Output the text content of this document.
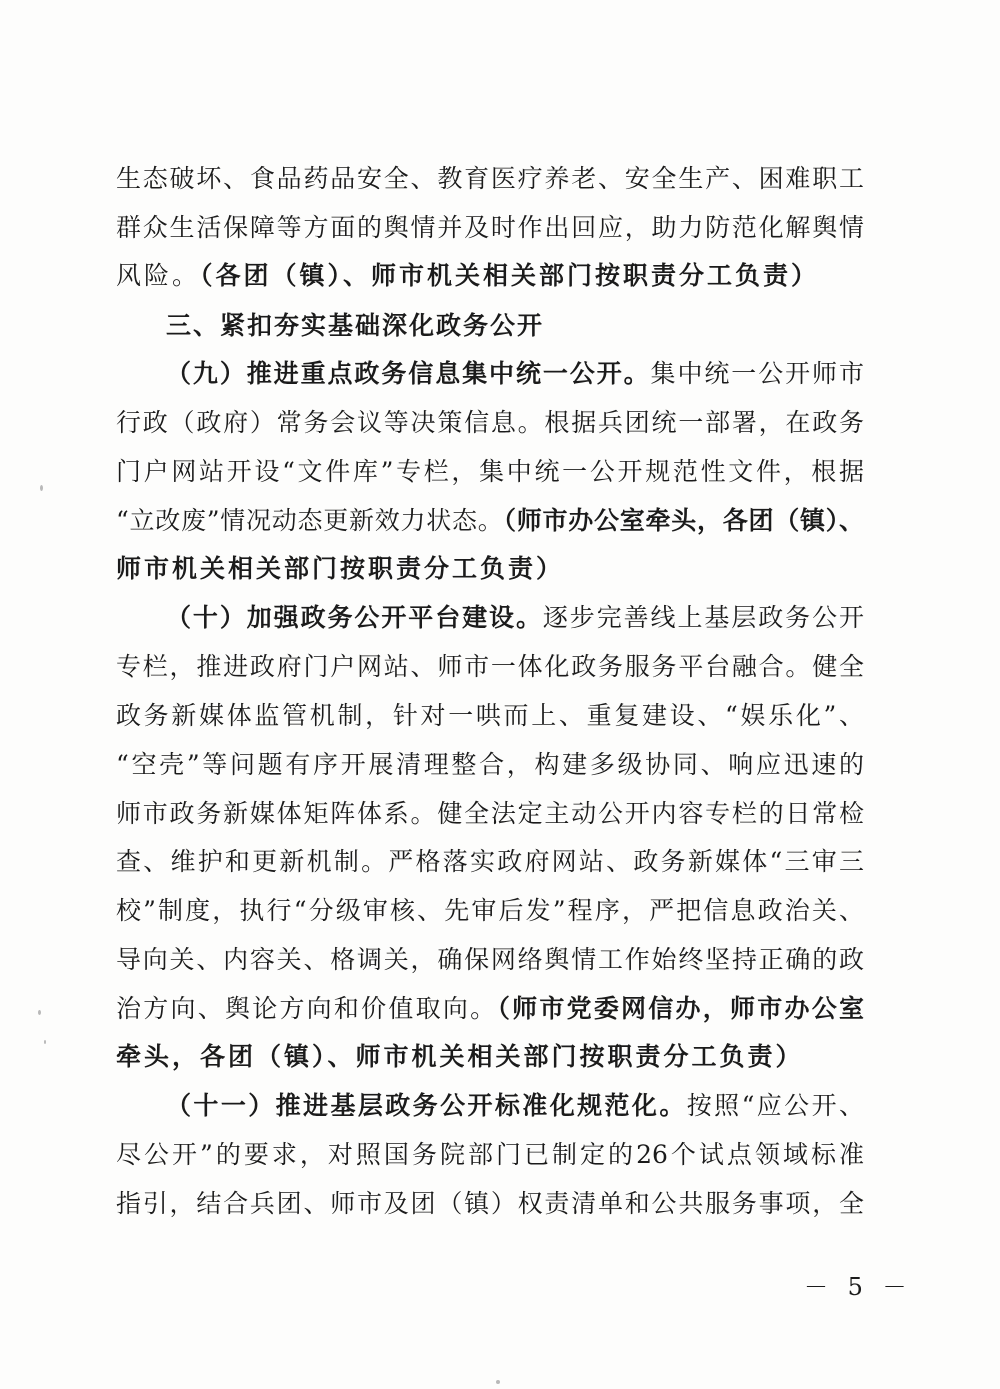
生态破坏、食品药品安全、教育医疗养老、安全生产、困难职工
群众生活保障等方面的舆情并及时作出回应，助力防范化解舆情
风险。（各团（镇）、师市机关相关部门按职责分工负责）
三、紧扣夯实基础深化政务公开
（九）推进重点政务信息集中统一公开。集中统一公开师市
行政（政府）常务会议等决策信息。根据兵团统一部署，在政务
门户网站开设“文件库”专栏，集中统一公开规范性文件，根据
“立改废”情况动态更新效力状态。（师市办公室牵头，各团（镇）、
师市机关相关部门按职责分工负责）
（十）加强政务公开平台建设。逐步完善线上基层政务公开
专栏，推进政府门户网站、师市一体化政务服务平台融合。健全
政务新媒体监管机制，针对一哄而上、重复建设、“娱乐化”、
“空壳”等问题有序开展清理整合，构建多级协同、响应迅速的
师市政务新媒体矩阵体系。健全法定主动公开内容专栏的日常检
查、维护和更新机制。严格落实政府网站、政务新媒体“三审三
校”制度，执行“分级审核、先审后发”程序，严把信息政治关、
导向关、内容关、格调关，确保网络舆情工作始终坚持正确的政
治方向、舆论方向和价值取向。（师市党委网信办，师市办公室
牵头，各团（镇）、师市机关相关部门按职责分工负责）
（十一）推进基层政务公开标准化规范化。按照“应公开、
尽公开”的要求，对照国务院部门已制定的26个试点领域标准
指引，结合兵团、师市及团（镇）权责清单和公共服务事项，全
－ 5 －
